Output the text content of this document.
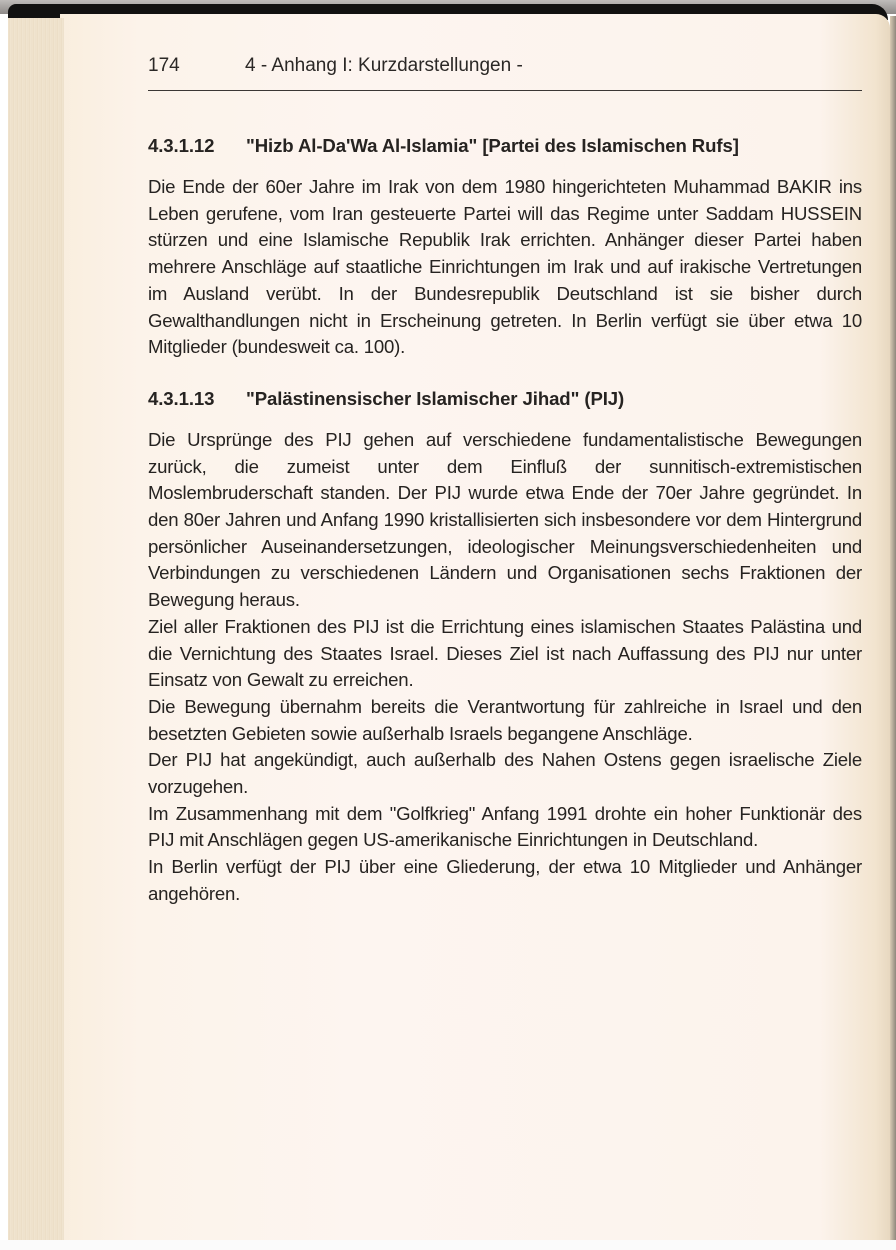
174	4 - Anhang I: Kurzdarstellungen -
4.3.1.12 "Hizb Al-Da'Wa Al-Islamia" [Partei des Islamischen Rufs]

Die Ende der 60er Jahre im Irak von dem 1980 hingerichteten Muhammad BAKIR ins Leben gerufene, vom Iran gesteuerte Partei will das Regime unter Saddam HUSSEIN stürzen und eine Islamische Republik Irak errichten. Anhänger dieser Partei haben mehrere Anschläge auf staatliche Einrichtungen im Irak und auf irakische Vertretungen im Ausland verübt. In der Bundesrepublik Deutschland ist sie bisher durch Gewalthandlungen nicht in Erscheinung getreten. In Berlin verfügt sie über etwa 10 Mitglieder (bundesweit ca. 100).

4.3.1.13 "Palästinensischer Islamischer Jihad" (PIJ)

Die Ursprünge des PIJ gehen auf verschiedene fundamentalistische Bewegungen zurück, die zumeist unter dem Einfluß der sunnitisch-extremistischen Moslembruderschaft standen. Der PIJ wurde etwa Ende der 70er Jahre gegründet. In den 80er Jahren und Anfang 1990 kristallisierten sich insbesondere vor dem Hintergrund persönlicher Auseinandersetzungen, ideologischer Meinungsverschiedenheiten und Verbindungen zu verschiedenen Ländern und Organisationen sechs Fraktionen der Bewegung heraus.

Ziel aller Fraktionen des PIJ ist die Errichtung eines islamischen Staates Palästina und die Vernichtung des Staates Israel. Dieses Ziel ist nach Auffassung des PIJ nur unter Einsatz von Gewalt zu erreichen.

Die Bewegung übernahm bereits die Verantwortung für zahlreiche in Israel und den besetzten Gebieten sowie außerhalb Israels begangene Anschläge.

Der PIJ hat angekündigt, auch außerhalb des Nahen Ostens gegen israelische Ziele vorzugehen.

Im Zusammenhang mit dem "Golfkrieg" Anfang 1991 drohte ein hoher Funktionär des PIJ mit Anschlägen gegen US-amerikanische Einrichtungen in Deutschland.

In Berlin verfügt der PIJ über eine Gliederung, der etwa 10 Mitglieder und Anhänger angehören.
